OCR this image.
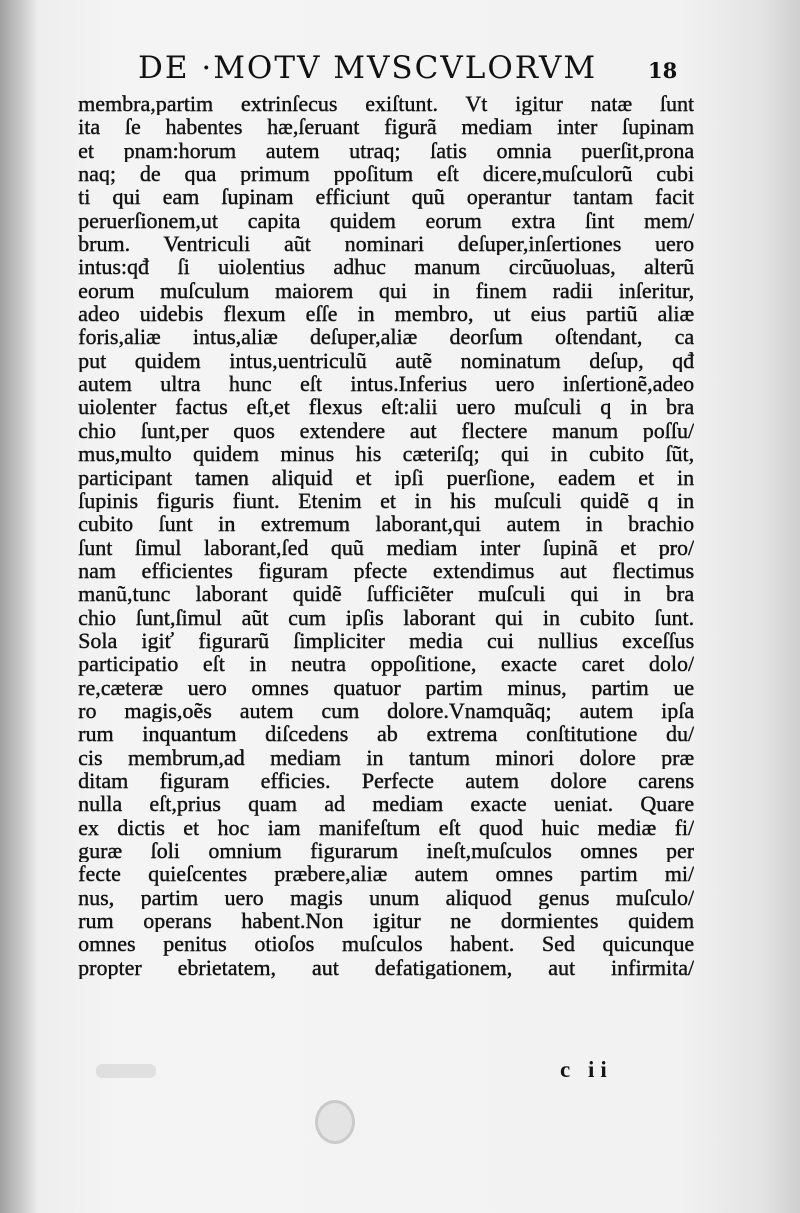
DE ·MOTV MVSCVLORVM 18
membra,partim extrinſecus exiſtunt. Vt igitur natæ ſunt
ita ſe habentes hæ,ſeruant figurã mediam inter ſupinam
et pnam:horum autem utraq; ſatis omnia puerſit,prona
naq; de qua primum ppoſitum eſt dicere,muſculorũ cubi
ti qui eam ſupinam efficiunt quũ operantur tantam facit
peruerſionem,ut capita quidem eorum extra ſint mem/
brum. Ventriculi aũt nominari deſuper,inſertiones uero
intus:qđ ſi uiolentius adhuc manum circũuoluas, alterũ
eorum muſculum maiorem qui in finem radii inſeritur,
adeo uidebis flexum eſſe in membro, ut eius partiũ aliæ
foris,aliæ intus,aliæ deſuper,aliæ deorſum oſtendant, ca
put quidem intus,uentriculũ autẽ nominatum deſup, qđ
autem ultra hunc eſt intus.Inferius uero inſertionẽ,adeo
uiolenter factus eſt,et flexus eſt:alii uero muſculi q in bra
chio ſunt,per quos extendere aut flectere manum poſſu/
mus,multo quidem minus his cæteriſq; qui in cubito ſũt,
participant tamen aliquid et ipſi puerſione, eadem et in
ſupinis figuris fiunt. Etenim et in his muſculi quidẽ q in
cubito ſunt in extremum laborant,qui autem in brachio
ſunt ſimul laborant,ſed quũ mediam inter ſupinã et pro/
nam efficientes figuram pfecte extendimus aut flectimus
manũ,tunc laborant quidẽ ſufficiẽter muſculi qui in bra
chio ſunt,ſimul aũt cum ipſis laborant qui in cubito ſunt.
Sola igiť figurarũ ſimpliciter media cui nullius exceſſus
participatio eſt in neutra oppoſitione, exacte caret dolo/
re,cæteræ uero omnes quatuor partim minus, partim ue
ro magis,oẽs autem cum dolore.Vnamquãq; autem ipſa
rum inquantum diſcedens ab extrema conſtitutione du/
cis membrum,ad mediam in tantum minori dolore præ
ditam figuram efficies. Perfecte autem dolore carens
nulla eſt,prius quam ad mediam exacte ueniat. Quare
ex dictis et hoc iam manifeſtum eſt quod huic mediæ fi/
guræ ſoli omnium figurarum ineſt,muſculos omnes per
fecte quieſcentes præbere,aliæ autem omnes partim mi/
nus, partim uero magis unum aliquod genus muſculo/
rum operans habent.Non igitur ne dormientes quidem
omnes penitus otioſos muſculos habent. Sed quicunque
propter ebrietatem, aut defatigationem, aut infirmita/
c ii
